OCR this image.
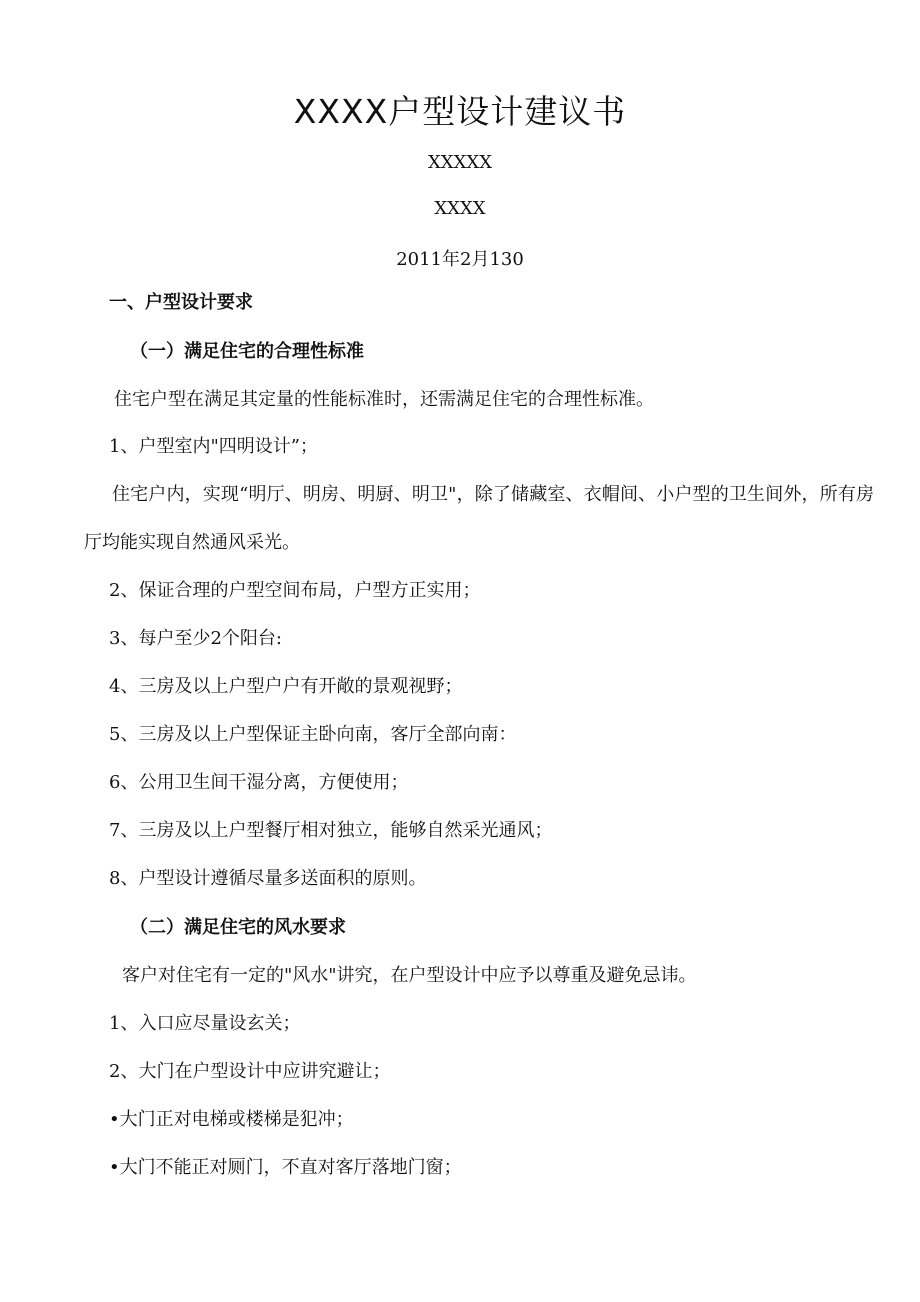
XXXX户型设计建议书

XXXXX

XXXX

2011年2月130

一、户型设计要求

（一）满足住宅的合理性标准

住宅户型在满足其定量的性能标准时，还需满足住宅的合理性标准。

1、户型室内"四明设计”；

住宅户内，实现“明厅、明房、明厨、明卫"，除了储藏室、衣帽间、小户型的卫生间外，所有房厅均能实现自然通风采光。

2、保证合理的户型空间布局，户型方正实用；

3、每户至少2个阳台:

4、三房及以上户型户户有开敞的景观视野；

5、三房及以上户型保证主卧向南，客厅全部向南：

6、公用卫生间干湿分离，方便使用；

7、三房及以上户型餐厅相对独立，能够自然采光通风；

8、户型设计遵循尽量多送面积的原则。

（二）满足住宅的风水要求

客户对住宅有一定的"风水"讲究，在户型设计中应予以尊重及避免忌讳。

1、入口应尽量设玄关；

2、大门在户型设计中应讲究避让；

•大门正对电梯或楼梯是犯冲；

•大门不能正对厕门，不直对客厅落地门窗；
